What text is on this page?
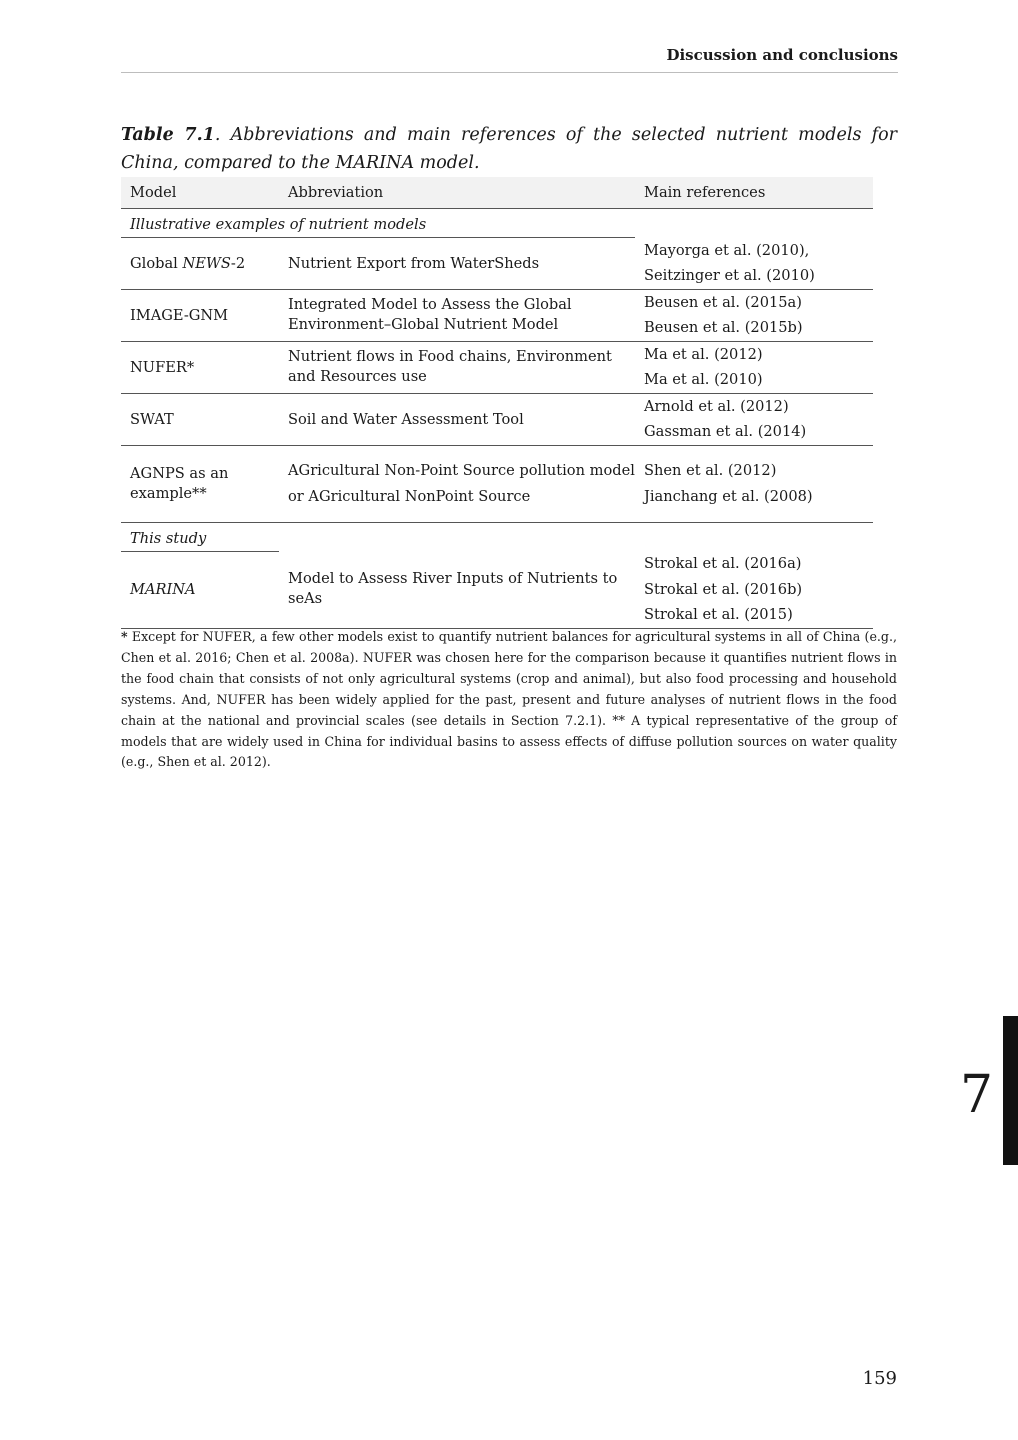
Discussion and conclusions

Table 7.1. Abbreviations and main references of the selected nutrient models for China, compared to the MARINA model.

Model	Abbreviation	Main references
Illustrative examples of nutrient models		
Global NEWS-2	Nutrient Export from WaterSheds	Mayorga et al. (2010),
Seitzinger et al. (2010)

IMAGE-GNM	Integrated Model to Assess the Global Environment–Global Nutrient Model	Beusen et al. (2015a)
Beusen et al. (2015b)

NUFER*	Nutrient flows in Food chains, Environment and Resources use	Ma et al. (2012)
Ma et al. (2010)

SWAT	Soil and Water Assessment Tool	Arnold et al. (2012)
Gassman et al. (2014)

AGNPS as an example**	AGricultural Non-Point Source pollution model or AGricultural NonPoint Source	Shen et al. (2012)
Jianchang et al. (2008)

This study		
MARINA	Model to Assess River Inputs of Nutrients to seAs	Strokal et al. (2016a)
Strokal et al. (2016b)
Strokal et al. (2015)

* Except for NUFER, a few other models exist to quantify nutrient balances for agricultural systems in all of China (e.g., Chen et al. 2016; Chen et al. 2008a). NUFER was chosen here for the comparison because it quantifies nutrient flows in the food chain that consists of not only agricultural systems (crop and animal), but also food processing and household systems. And, NUFER has been widely applied for the past, present and future analyses of nutrient flows in the food chain at the national and provincial scales (see details in Section 7.2.1). ** A typical representative of the group of models that are widely used in China for individual basins to assess effects of diffuse pollution sources on water quality (e.g., Shen et al. 2012).

7
159
